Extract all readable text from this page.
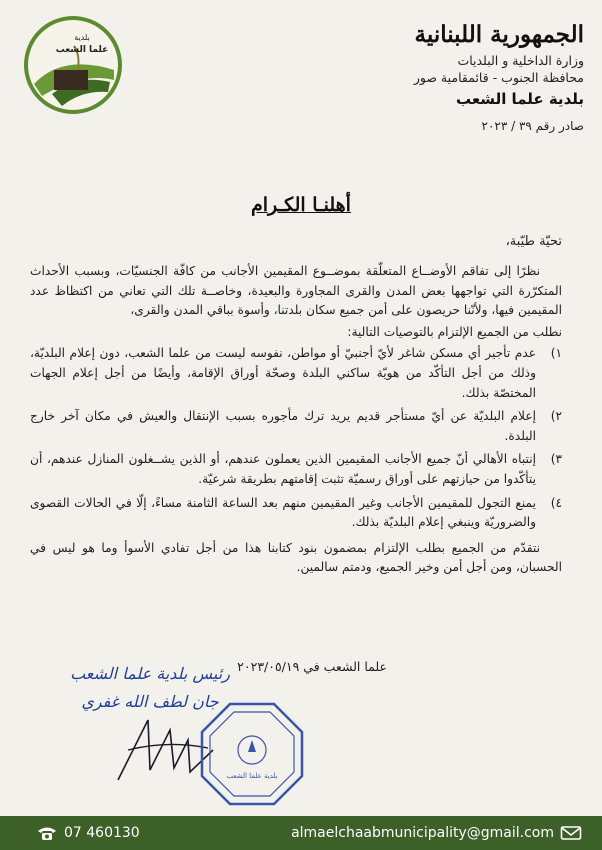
الجمهورية اللبنانية
وزارة الداخلية و البلديات
محافظة الجنوب - قائمقامية صور
بلدية علما الشعب
صادر رقم ٣٩ / ٢٠٢٣
بلدية
علما الشعب
أهلنـا الكـرام
تحيّة طيّبة،

نظرًا إلى تفاقم الأوضــاع المتعلّقة بموضــوع المقيمين الأجانب من كافّة الجنسيّات، وبسبب الأحداث المتكرّرة التي تواجهها بعض المدن والقرى المجاورة والبعيدة، وخاصــة تلك التي تعاني من اكتظاظ عدد المقيمين فيها، ولأنّنا حريصون على أمن جميع سكان بلدتنا، وأسوة بباقي المدن والقرى،

نطلب من الجميع الإلتزام بالتوصيات التالية:

١)
عدم تأجير أي مسكن شاغر لأيّ أجنبيّ أو مواطن، نفوسه ليست من علما الشعب، دون إعلام البلديّة، وذلك من أجل التأكّد من هويّة ساكني البلدة وصحّة أوراق الإقامة، وأيضًا من أجل إعلام الجهات المختصّة بذلك.
٢)
إعلام البلديّة عن أيّ مستأجر قديم يريد ترك مأجوره بسبب الإنتقال والعيش في مكان آخر خارج البلدة.
٣)
إنتباه الأهالي أنّ جميع الأجانب المقيمين الذين يعملون عندهم، أو الذين يشــغلون المنازل عندهم، أن يتأكّدوا من حيازتهم على أوراق رسميّة تثبت إقامتهم بطريقة شرعيّة.
٤)
يمنع التجول للمقيمين الأجانب وغير المقيمين منهم بعد الساعة الثامنة مساءً، إلّا في الحالات القصوى والضروريّة وينبغي إعلام البلديّة بذلك.

نتقدّم من الجميع بطلب الإلتزام بمضمون بنود كتابنا هذا من أجل تفادي الأسوأ وما هو ليس في الحسبان، ومن أجل أمن وخير الجميع، ودمتم سالمين.

علما الشعب في ٢٠٢٣/٠٥/١٩
رئيس بلدية علما الشعب
جان لطف الله غفري
بلدية علما الشعب
07 460130	almaelchaabmunicipality@gmail.com
